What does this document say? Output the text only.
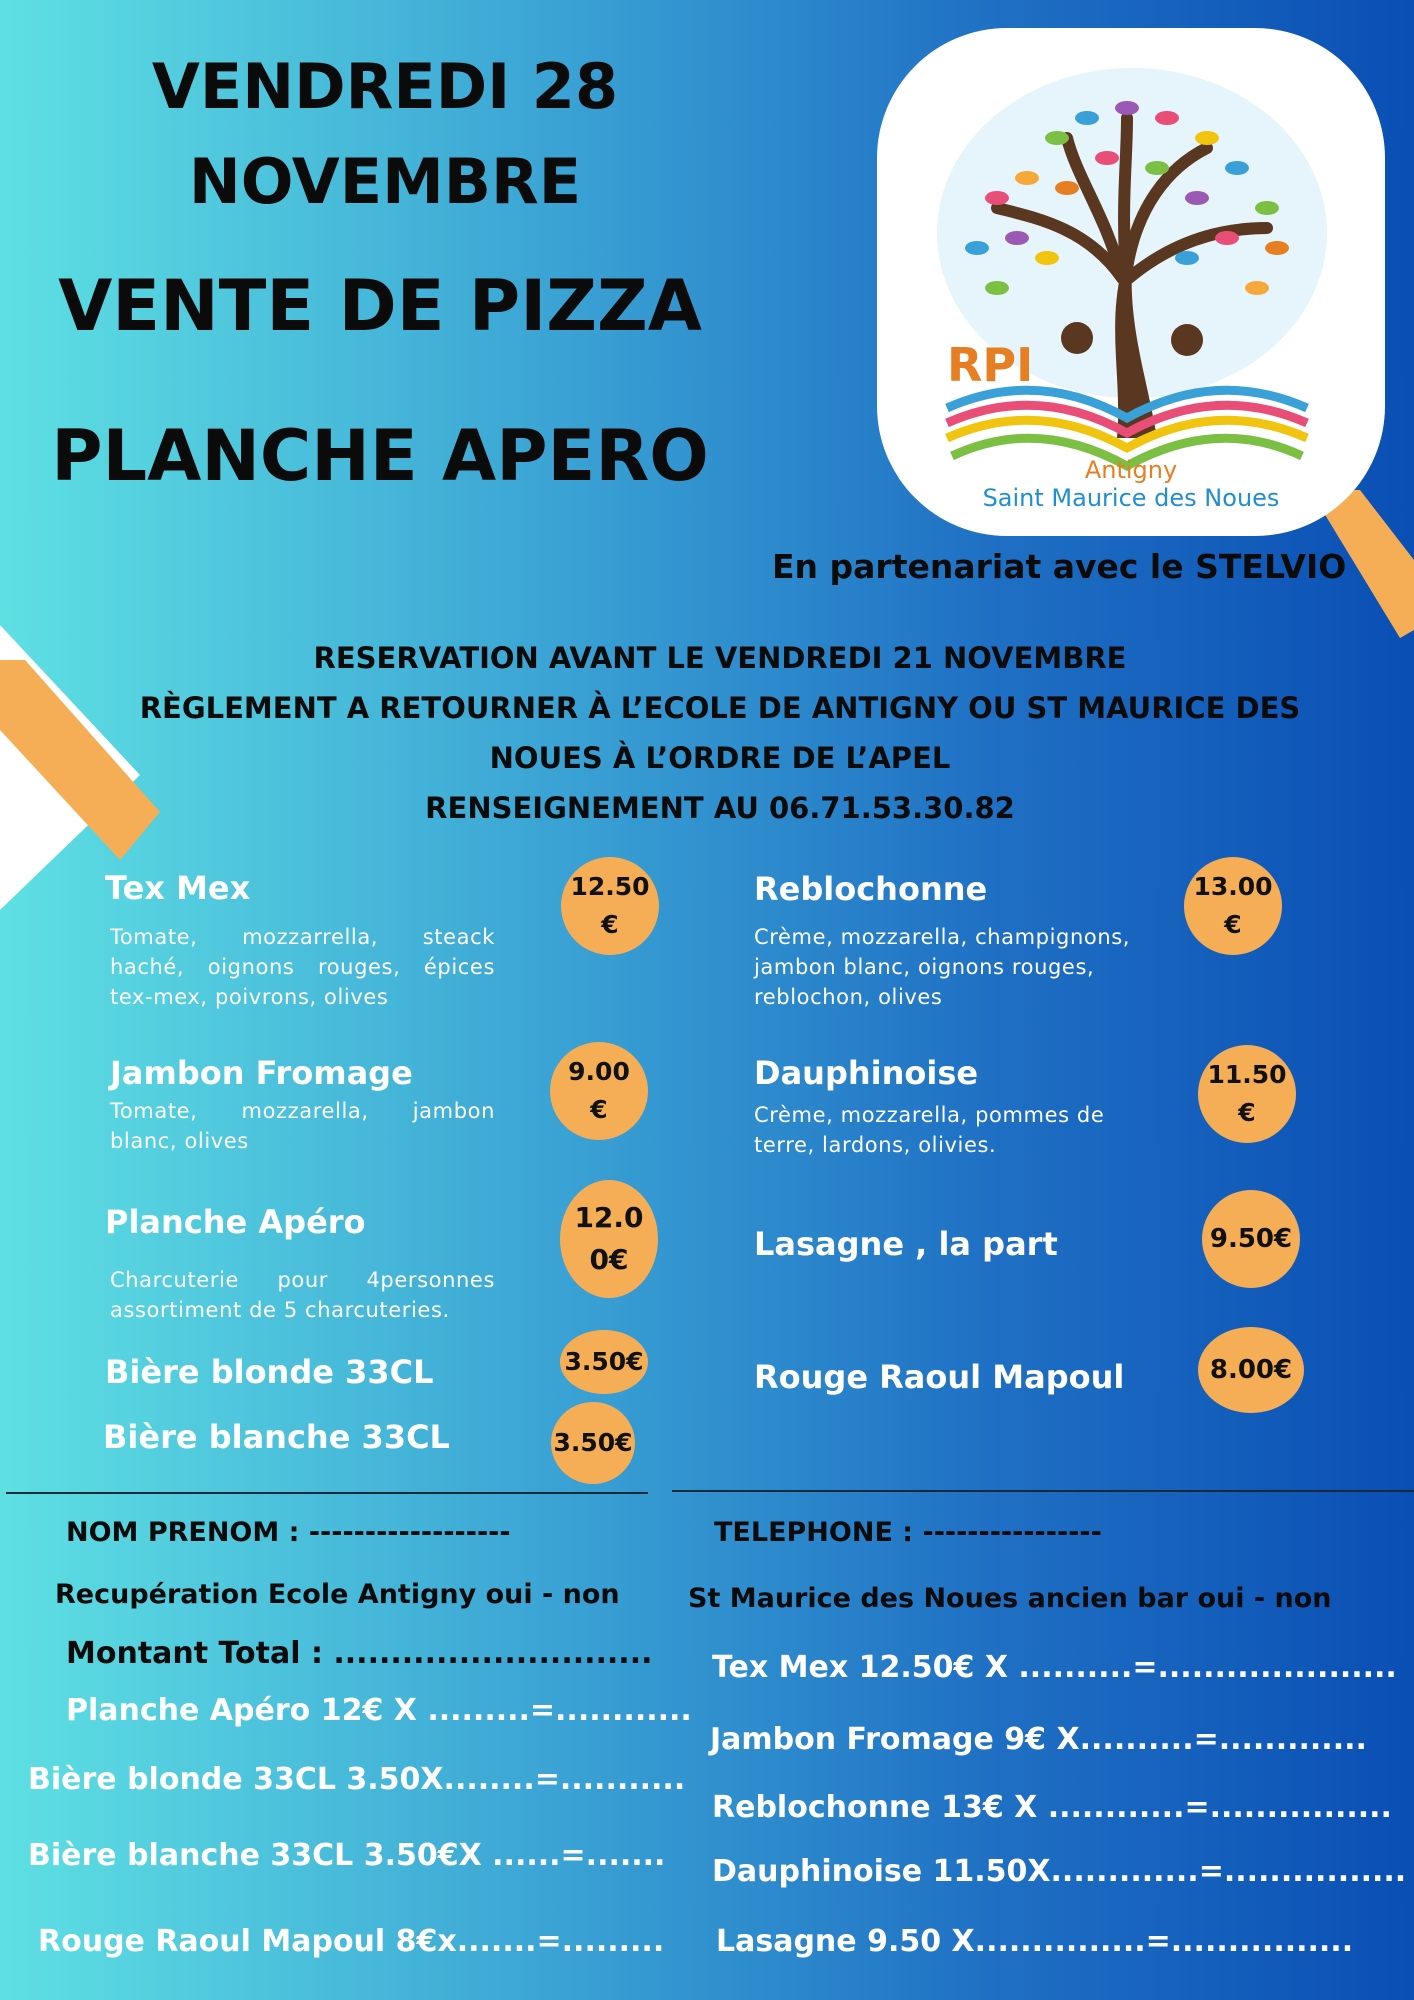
RPI
Antigny
Saint Maurice des Noues
VENDREDI 28
NOVEMBRE
VENTE DE PIZZA
PLANCHE APERO
En partenariat avec le STELVIO
RESERVATION AVANT LE VENDREDI 21 NOVEMBRE
RÈGLEMENT A RETOURNER À L’ECOLE DE ANTIGNY OU ST MAURICE DES
NOUES À L’ORDRE DE L’APEL
RENSEIGNEMENT AU 06.71.53.30.82
Tex Mex
Tomate, mozzarrella, steack haché, oignons rouges, épices tex-mex, poivrons, olives
12.50
€
Jambon Fromage
Tomate, mozzarella, jambon blanc, olives
9.00
€
Planche Apéro
Charcuterie pour 4personnes assortiment de 5 charcuteries.
12.0
0€
Bière blonde 33CL	3.50€
Bière blanche 33CL	3.50€
Reblochonne
Crème, mozzarella, champignons,
jambon blanc, oignons rouges,
reblochon, olives
13.00
€
Dauphinoise
Crème, mozzarella, pommes de
terre, lardons, olivies.
11.50
€
Lasagne , la part	9.50€
Rouge Raoul Mapoul	8.00€
NOM PRENOM : ------------------	TELEPHONE : ----------------
Recupération Ecole Antigny oui - non	St Maurice des Noues ancien bar oui - non
Montant Total : ............................
Planche Apéro 12€ X .........=............
Bière blonde 33CL 3.50X........=...........
Bière blanche 33CL 3.50€X ......=.......
Rouge Raoul Mapoul 8€x.......=.........
Tex Mex 12.50€ X ..........=.....................
Jambon Fromage 9€ X..........=.............
Reblochonne 13€ X ............=................
Dauphinoise 11.50X.............=................
Lasagne 9.50 X...............=................
